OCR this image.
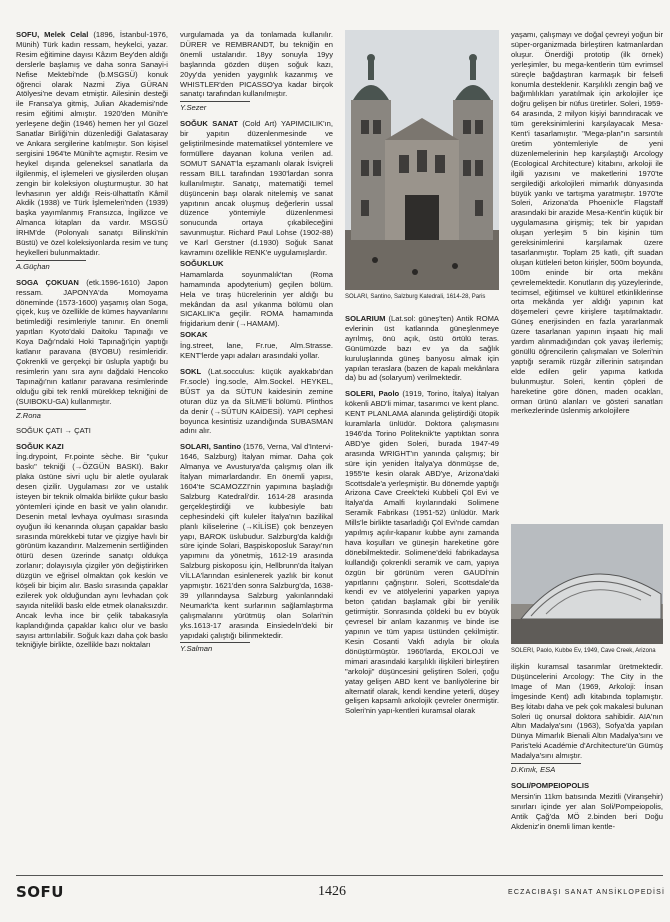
SOFU, Melek Celal (1896, İstanbul-1976, Münih) Türk kadın ressam, heykelci, yazar. Resim eğitimine dayısı Kâzım Bey'den aldığı derslerle başlamış ve daha sonra Sanayi-i Nefise Mektebi'nde (b.MSGSÜ) konuk öğrenci olarak Nazmi Ziya GÜRAN Atölyesi'ne devam etmiştir. Ailesinin desteği ile Fransa'ya gitmiş, Julian Akademisi'nde resim eğitimi almıştır. 1920'den Münih'e yerleşene değin (1946) hemen her yıl Güzel Sanatlar Birliği'nin düzenlediği Galatasaray ve Ankara sergilerine katılmıştır. Son kişisel sergisini 1964'te Münih'te açmıştır. Resim ve heykel dışında geleneksel sanatlarla da ilgilenmiş, el işlemeleri ve giysilerden oluşan zengin bir koleksiyon oluşturmuştur. 30 hat levhasının yer aldığı Reis-ülhattatîn Kâmil Akdik (1938) ve Türk İşlemeleri'nden (1939) başka yayımlanmış Fransızca, İngilizce ve Almanca kitapları da vardır. MSGSÜ İRHM'de (Polonyalı sanatçı Bilinski'nin Büstü) ve özel koleksiyonlarda resim ve tunç heykelleri bulunmaktadır.

A.Güçhan

SOGA ÇOKUAN (etk.1596-1610) Japon ressam. JAPONYA'da Momoyama döneminde (1573-1600) yaşamış olan Soga, çiçek, kuş ve özellikle de kümes hayvanlarını betimlediği resimleriyle tanınır. En önemli yapıtları Kyoto'daki Daitoku Tapınağı ve Koya Dağı'ndaki Hoki Tapınağı'için yaptığı katlanır paravana (BYOBU) resimleridir. Çokrenkli ve gerçekçi bir üslupla yaptığı bu resimlerin yanı sıra aynı dağdaki Hencoko Tapınağı'nın katlanır paravana resimlerinde olduğu gibi tek renkli mürekkep tekniğini de (SUIBOKU-GA) kullanmıştır.

Z.Rona

SOĞUK ÇATI → ÇATI

SOĞUK KAZI
İng.drypoint, Fr.pointe sèche. Bir "çukur baskı" tekniği (→ÖZGÜN BASKI). Bakır plaka üstüne sivri uçlu bir aletle oyularak desen çizilir. Uygulaması zor ve ustalık isteyen bir teknik olmakla birlikte çukur baskı yöntemleri içinde en basit ve yalın olanıdır. Desenin metal levhaya oyulması sırasında oyuğun iki kenarında oluşan çapaklar baskı sırasında mürekkebi tutar ve çizgiye havlı bir görünüm kazandırır. Malzemenin sertliğinden ötürü desen üzerinde sanatçı oldukça zorlanır; dolayısıyla çizgiler yön değiştirirken düzgün ve eğrisel olmaktan çok keskin ve köşeli bir biçim alır. Baskı sırasında çapaklar ezilerek yok olduğundan aynı levhadan çok sayıda nitelikli baskı elde etmek olanaksızdır. Ancak levha ince bir çelik tabakasıyla kaplandığında çapaklar kalıcı olur ve baskı sayısı arttırılabilir. Soğuk kazı daha çok baskı tekniğiyle birlikte, özellikle bazı noktaları

vurgulamada ya da tonlamada kullanılır. DÜRER ve REMBRANDT, bu tekniğin en önemli ustalarıdır. 18yy sonuyla 19yy başlarında gözden düşen soğuk kazı, 20yy'da yeniden yaygınlık kazanmış ve WHISTLER'den PICASSO'ya kadar birçok sanatçı tarafından kullanılmıştır.

Y.Sezer

SOĞUK SANAT (Cold Art) YAPIMCILIK'ın, bir yapıtın düzenlenmesinde ve geliştirilmesinde matematiksel yöntemlere ve formüllere dayanan koluna verilen ad. SOMUT SANAT'la eşzamanlı olarak İsviçreli ressam BILL tarafından 1930'lardan sonra kullanılmıştır. Sanatçı, matematiği temel düşüncenin başı olarak nitelemiş ve sanat yapıtının ancak oluşmuş değerlerin ussal düzence yöntemiyle düzenlenmesi sonucunda ortaya çıkabileceğini savunmuştur. Richard Paul Lohse (1902-88) ve Karl Gerstner (d.1930) Soğuk Sanat kavramını özellikle RENK'e uygulamışlardır.

SOĞUKLUK

Hamamlarda soyunmalık'tan (Roma hamamında apodyterium) geçilen bölüm. Hela ve tıraş hücrelerinin yer aldığı bu mekândan da asıl yıkanma bölümü olan SICAKLIK'a geçilir. ROMA hamamında frigidarium denir (→HAMAM).

SOKAK

İng.street, lane, Fr.rue, Alm.Strasse. KENT'lerde yapı adaları arasındaki yollar.

SOKL (Lat.socculus: küçük ayakkabı'dan Fr.socle) İng.socle, Alm.Sockel. HEYKEL, BÜST ya da SÜTUN kaidesinin zemine oturan düz ya da SİLME'li bölümü. Plinthos da denir (→SÜTUN KAİDESİ). YAPI cephesi boyunca kesintisiz uzandığında SUBASMAN adını alır.

SOLARI, Santino (1576, Verna, Val d'Intervi-1646, Salzburg) İtalyan mimar. Daha çok Almanya ve Avusturya'da çalışmış olan ilk İtalyan mimarlardandır. En önemli yapısı, 1604'te SCAMOZZI'nin yapımına başladığı Salzburg Katedrali'dir. 1614-28 arasında gerçekleştirdiği ve kubbesiyle batı cephesindeki çift kuleler İtalya'nın bazilikal planlı kiliselerine (→KİLİSE) çok benzeyen yapı, BAROK üslubudur. Salzburg'da kaldığı süre içinde Solari, Başpiskoposluk Sarayı'nın yapımını da yönetmiş, 1612-19 arasında Salzburg piskoposu için, Hellbrunn'da İtalyan VİLLA'larından esinlenerek yazlık bir konut yapmıştır. 1621'den sonra Salzburg'da, 1638-39 yıllarındaysa Salzburg yakınlarındaki Neumark'ta kent surlarının sağlamlaştırma çalışmalarını yürütmüş olan Solari'nin yks.1613-17 arasında Einsiedeln'deki bir yapıdaki çalıştığı bilinmektedir.

Y.Salman
SOLARI, Santino, Salzburg Katedrali, 1614-28, Paris

SOLARIUM (Lat.sol: güneş'ten) Antik ROMA evlerinin üst katlarında güneşlenmeye ayrılmış, önü açık, üstü örtülü teras. Günümüzde bazı ev ya da sağlık kuruluşlarında güneş banyosu almak için yapılan teraslara (bazen de kapalı mekânlara da) bu ad (solaryum) verilmektedir.

SOLERI, Paolo (1919, Torino, İtalya) İtalyan kökenli ABD'li mimar, tasarımcı ve kent planc. KENT PLANLAMA alanında geliştirdiği ütopik kuramlarla ünlüdür. Doktora çalışmasını 1946'da Torino Politeknik'te yaptıktan sonra ABD'ye giden Soleri, burada 1947-49 arasında WRIGHT'ın yanında çalışmış; bir süre için yeniden İtalya'ya dönmüşse de, 1955'te kesin olarak ABD'ye, Arizona'daki Scottsdale'a yerleşmiştir. Bu dönemde yaptığı Arizona Cave Creek'teki Kubbeli Çöl Evi ve İtalya'da Amalfi kıyılarındaki Solimene Seramik Fabrikası (1951-52) ünlüdür. Mark Mills'le birlikte tasarladığı Çöl Evi'nde camdan yapılmış açılır-kapanır kubbe aynı zamanda hava koşulları ve güneşin hareketine göre dönebilmektedir. Solimene'deki fabrikadaysa kullandığı çokrenkli seramik ve cam, yapıya özgün bir görünüm veren GAUDİ'nin yapıtlarını çağrıştırır. Soleri, Scottsdale'da kendi ev ve atölyelerini yaparken yapıya beton çatıdan başlamak gibi bir yenilik getirmiştir. Sonrasında çöldeki bu ev büyük çevresel bir anlam kazanmış ve binde ise yapının ve tüm yapısı üstünden çekilmiştir. Kesin Cosanti Vakfı adıyla bir okula dönüştürmüştür. 1960'larda, EKOLOJİ ve mimari arasındaki karşılıklı ilişkileri birleştiren "arkoloji" düşüncesini geliştiren Soleri, çoğu yatay gelişen ABD kent ve banliyölerine bir alternatif olarak, kendi kendine yeterli, düşey gelişen kapsamlı arkolojik çevreler önermiştir. Soleri'nin yapı-kentleri kuramsal olarak

yaşamı, çalışmayı ve doğal çevreyi yoğun bir süper-organizmada birleştiren katmanlardan oluşur. Önerdiği prototip (ilk örnek) yerleşimler, bu mega-kentlerin tüm evrimsel süreçle bağdaştıran karmaşık bir felsefi konumla desteklenir. Karşılıklı zengin bağ ve bağımlılıkları yaratılmak için arkolojiler içe doğru gelişen bir nüfus üretirler. Soleri, 1959-64 arasında, 2 milyon kişiyi barındıracak ve tüm gereksinimlerini karşılayacak Mesa-Kent'i tasarlamıştır. "Mega-plan"ın sarsıntılı üretim yöntemleriyle de yeni düzenlemelerinin hep karşılaştığı Arcology (Ecological Architecture) kitabını, arkoloji ile ilgili yazısını ve maketlerini 1970'te sergilediği arkolojileri mimarlık dünyasında büyük yankı ve tartışma yaratmıştır. 1970'te Soleri, Arizona'da Phoenix'le Flagstaff arasındaki bir arazide Mesa-Kent'in küçük bir uygulamasına girişmiş; tek bir yapıdan oluşan yerleşim 5 bin kişinin tüm gereksinimlerini karşılamak üzere tasarlanmıştır. Toplam 25 katlı, çift suadan oluşan kütleleri beton kirişler, 500m boyunda, 100m eninde bir orta mekânı çevrelemektedir. Konutların dış yüzeylerinde, tecimsel, eğitimsel ve kültürel etkinliklerinse orta mekânda yer aldığı yapının kat döşemeleri çevre kirişlere taşıtılmaktadır. Güneş enerjisinden en fazla yararlanmak üzere tasarlanan yapının inşaatı hiç mali yardım alınmadığından çok yavaş ilerlemiş; gönüllü öğrencilerin çalışmaları ve Soleri'nin yaptığı seramik rüzgâr zillerinin satışından elde edilen gelir yapıma katkıda bulunmuştur. Soleri, kentin çöpleri de hareketine göre dönen, maden ocakları, orman ürünü alanları ve gösteri sanatları merkezlerinde üslenmiş arkolojilere

SOLERI, Paolo, Kubbe Ev, 1949, Cave Creek, Arizona

ilişkin kuramsal tasarımlar üretmektedir. Düşüncelerini Arcology: The City in the Image of Man (1969, Arkoloji: İnsan İmgesinde Kent) adlı kitabında toplamıştır. Beş kitabı daha ve pek çok makalesi bulunan Soleri üç onursal doktora sahibidir. AIA'nın Altın Madalya'sını (1963), Sofya'da yapılan Dünya Mimarlık Bienali Altın Madalya'sını ve Paris'teki Académie d'Architecture'ün Gümüş Madalya'sını almıştır.

D.Kınık, ESA

SOLI/POMPEIOPOLIS

Mersin'in 11km batısında Mezitli (Viranşehir) sınırları içinde yer alan Soli/Pompeiopolis, Antik Çağ'da MÖ 2.binden beri Doğu Akdeniz'in önemli liman kentle-

SOFU	1426	ECZACIBAŞI SANAT ANSİKLOPEDİSİ
